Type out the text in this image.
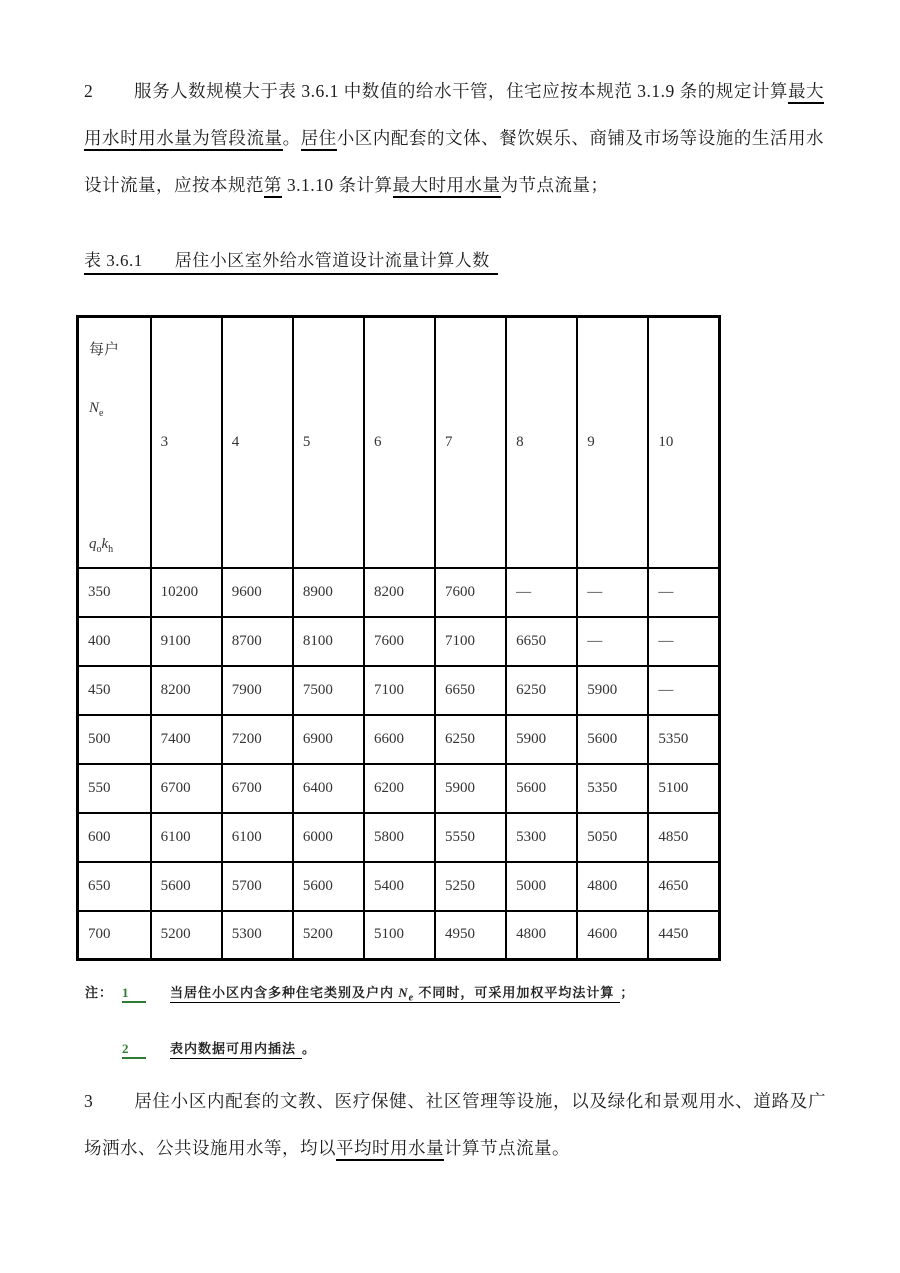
2 服务人数规模大于表 3.6.1 中数值的给水干管，住宅应按本规范 3.1.9 条的规定计算最大用水时用水量为管段流量。居住小区内配套的文体、餐饮娱乐、商铺及市场等设施的生活用水设计流量，应按本规范第 3.1.10 条计算最大时用水量为节点流量；

表 3.6.1 居住小区室外给水管道设计流量计算人数
每户
$N_e$
$q_ok_h$	3	4	5	6	7	8	9	10
350	10200	9600	8900	8200	7600	—	—	—
400	9100	8700	8100	7600	7100	6650	—	—
450	8200	7900	7500	7100	6650	6250	5900	—
500	7400	7200	6900	6600	6250	5900	5600	5350
550	6700	6700	6400	6200	5900	5600	5350	5100
600	6100	6100	6000	5800	5550	5300	5050	4850
650	5600	5700	5600	5400	5250	5000	4800	4650
700	5200	5300	5200	5100	4950	4800	4600	4450
注： 1	当居住小区内含多种住宅类别及户内 $N_e$ 不同时，可采用加权平均法计算 ；
2	表内数据可用内插法 。

3 居住小区内配套的文教、医疗保健、社区管理等设施，以及绿化和景观用水、道路及广场洒水、公共设施用水等，均以平均时用水量计算节点流量。
